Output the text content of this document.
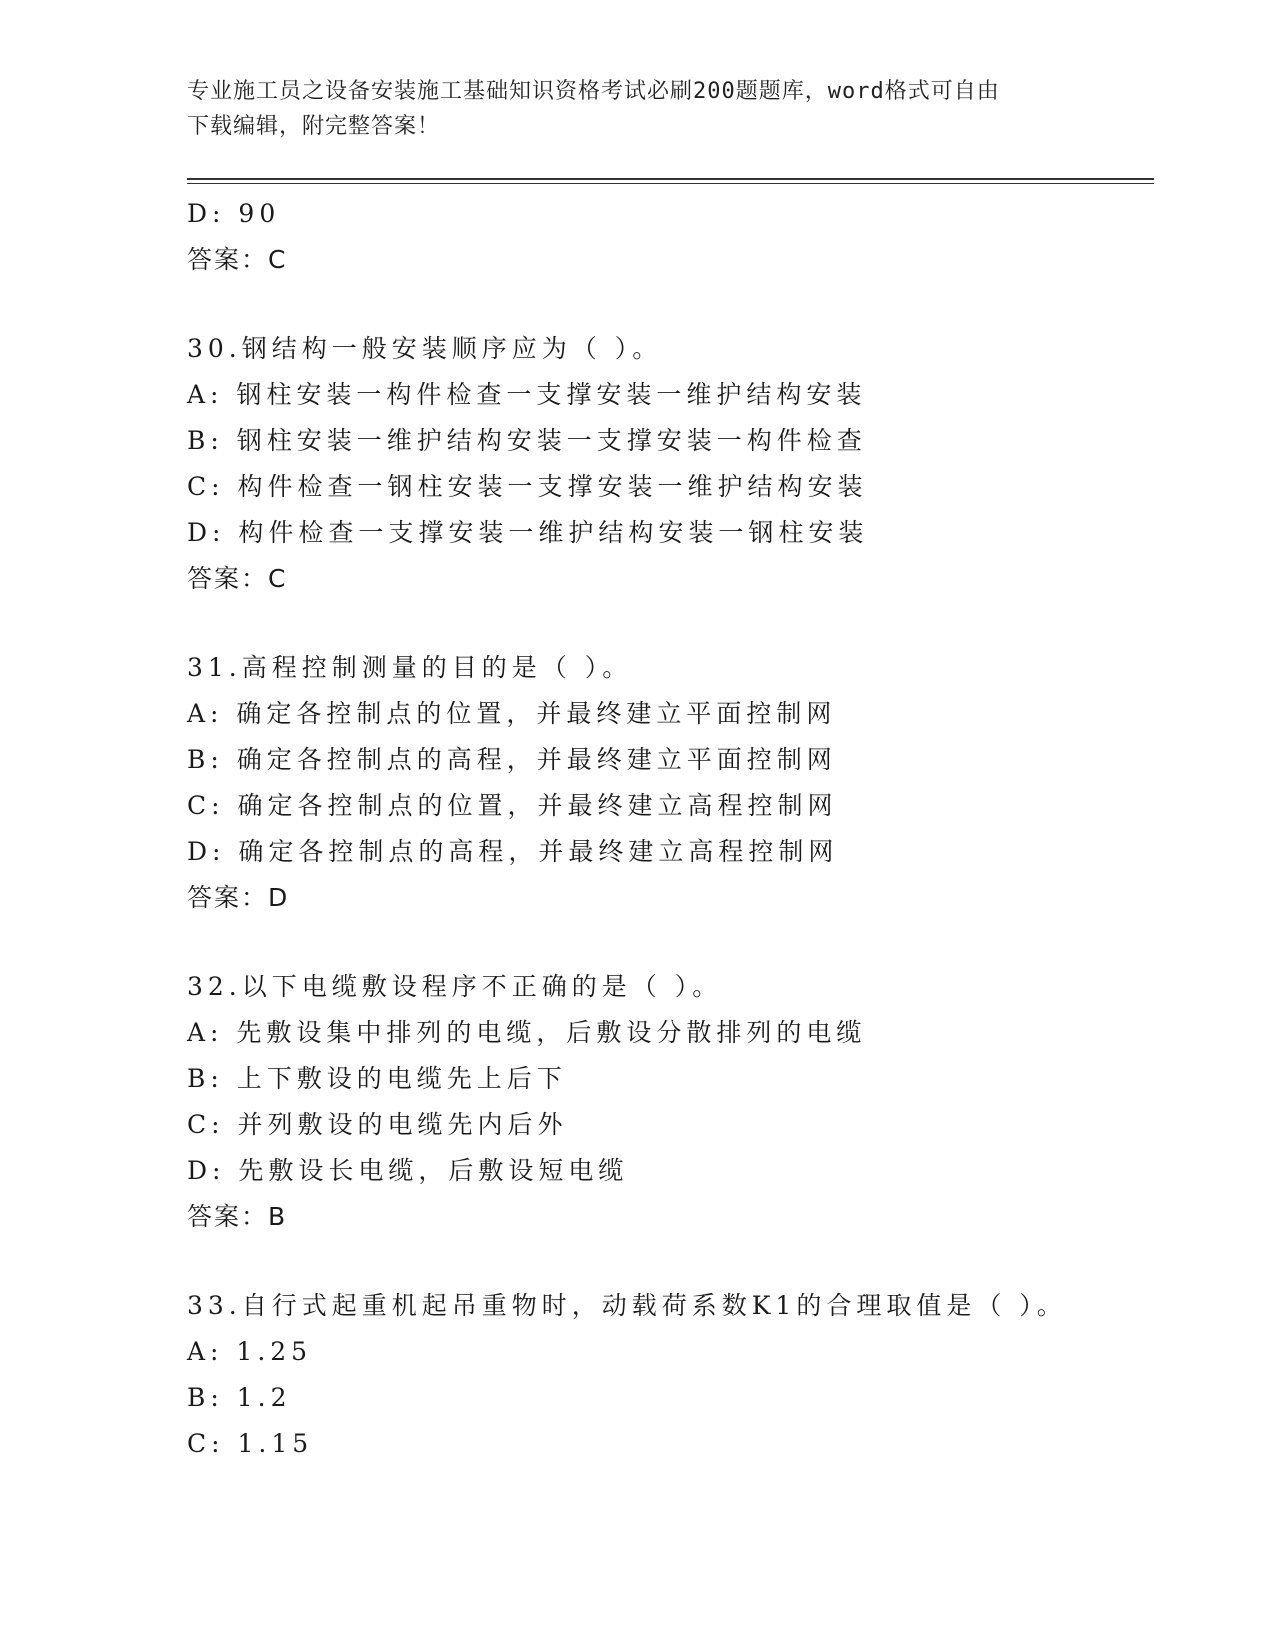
专业施工员之设备安装施工基础知识资格考试必刷200题题库，word格式可自由
下载编辑，附完整答案！
D: 90
答案：C
30.钢结构一般安装顺序应为（ ）。
A: 钢柱安装一构件检查一支撑安装一维护结构安装
B: 钢柱安装一维护结构安装一支撑安装一构件检查
C: 构件检查一钢柱安装一支撑安装一维护结构安装
D: 构件检查一支撑安装一维护结构安装一钢柱安装
答案：C
31.高程控制测量的目的是（ ）。
A: 确定各控制点的位置，并最终建立平面控制网
B: 确定各控制点的高程，并最终建立平面控制网
C: 确定各控制点的位置，并最终建立高程控制网
D: 确定各控制点的高程，并最终建立高程控制网
答案：D
32.以下电缆敷设程序不正确的是（ ）。
A: 先敷设集中排列的电缆，后敷设分散排列的电缆
B: 上下敷设的电缆先上后下
C: 并列敷设的电缆先内后外
D: 先敷设长电缆，后敷设短电缆
答案：B
33.自行式起重机起吊重物时，动载荷系数K1的合理取值是（ ）。
A: 1.25
B: 1.2
C: 1.15
